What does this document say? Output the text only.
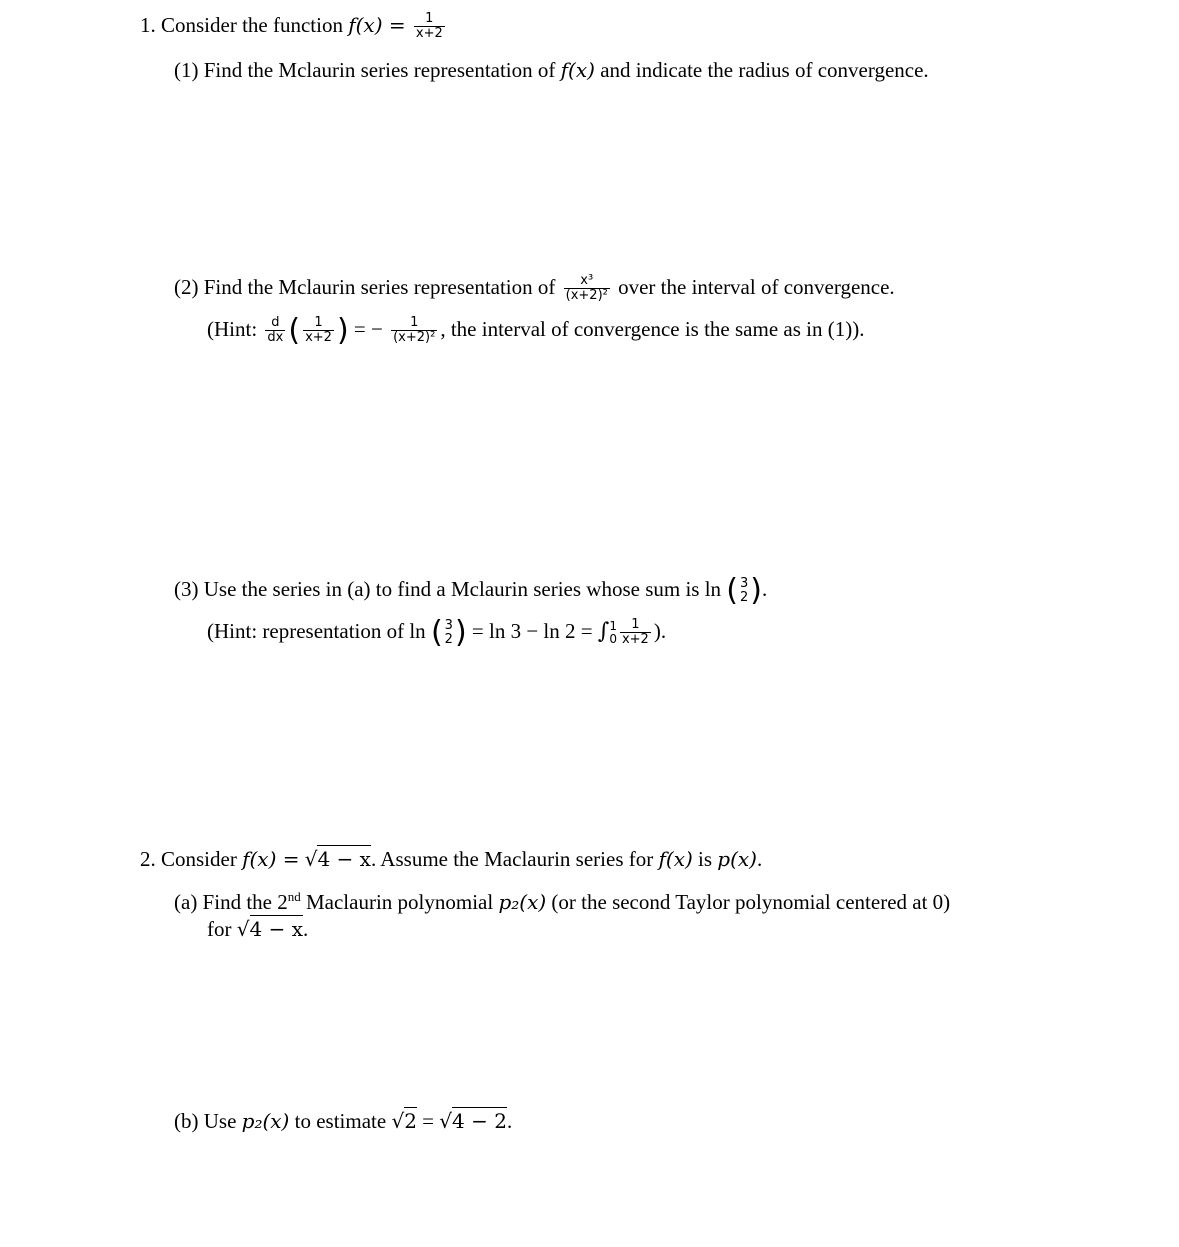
1. Consider the function $f(x) = \frac{1}{x+2}$
(1) Find the Mclaurin series representation of f(x) and indicate the radius of convergence.
(2) Find the Mclaurin series representation of $\frac{\text{x³}}{\text{(x+2)²}}$ over the interval of convergence.
(Hint: $\frac{d}{dx}$ ( $\frac{1}{x+2}$ ) = − $\frac{1}{\text{(x+2)²}}$ , the interval of convergence is the same as in (1)).
(3) Use the series in (a) to find a Mclaurin series whose sum is ln ( 3
2 ).
(Hint: representation of ln ( 3
2 ) = ln 3 − ln 2 = ∫ 1
$0 \frac{1}{x+2}$ ).
2. Consider f(x) = √4 − x. Assume the Maclaurin series for f(x) is p(x).
(a) Find the 2nd Maclaurin polynomial p₂(x) (or the second Taylor polynomial centered at 0)
for √4 − x.
(b) Use p₂(x) to estimate √2 = √4 − 2.
